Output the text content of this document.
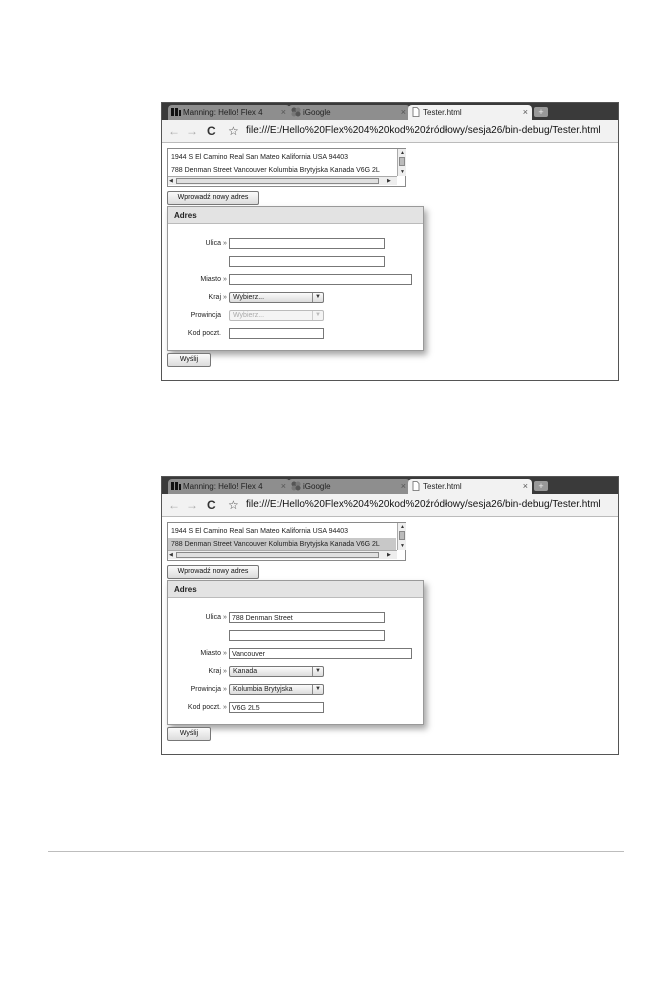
Manning: Hello! Flex 4 ×	iGoogle	×	Tester.html	×	+
← → C ☆ file:///E:/Hello%20Flex%204%20kod%20źródłowy/sesja26/bin-debug/Tester.html
1944 S El Camino Real San Mateo Kalifornia USA 94403
788 Denman Street Vancouver Kolumbia Brytyjska Kanada V6G 2L
▲
▼
◀	▶
Wprowadź nowy adres
Adres
Ulica »
Miasto »
Kraj » Wybierz...	▼
Prowincja	Wybierz...	▼
Kod poczt.
Wyślij
Manning: Hello! Flex 4 ×	iGoogle	×	Tester.html	×	+
← → C ☆ file:///E:/Hello%20Flex%204%20kod%20źródłowy/sesja26/bin-debug/Tester.html
1944 S El Camino Real San Mateo Kalifornia USA 94403
788 Denman Street Vancouver Kolumbia Brytyjska Kanada V6G 2L
▲
▼
◀	▶
Wprowadź nowy adres
Adres
Ulica » 788 Denman Street
Miasto » Vancouver
Kraj » Kanada	▼
Prowincja » Kolumbia Brytyjska	▼
Kod poczt. » V6G 2L5
Wyślij
